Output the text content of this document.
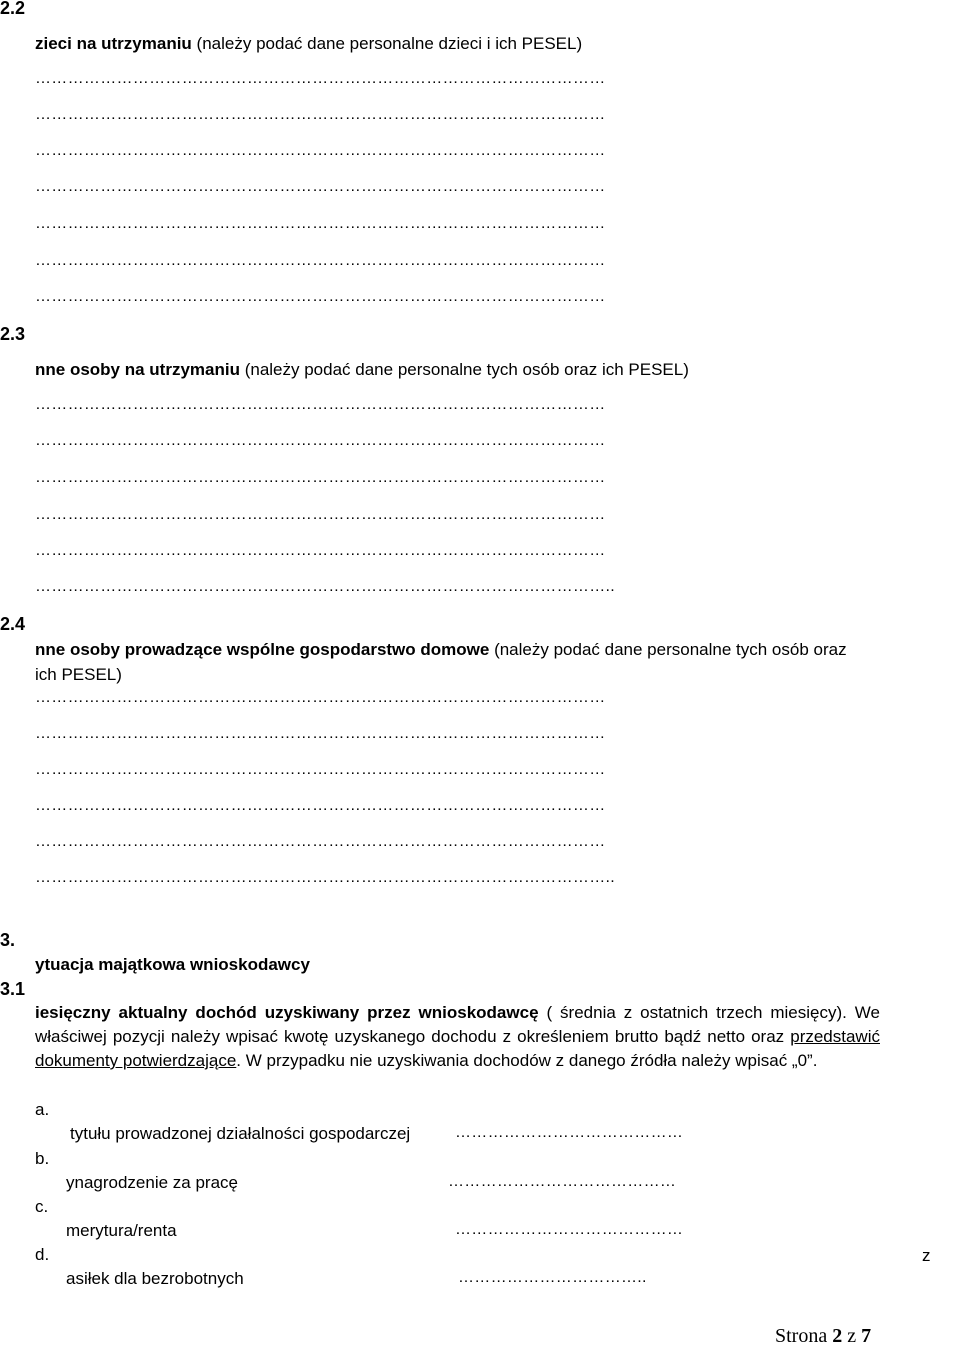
2.2
zieci na utrzymaniu (należy podać dane personalne dzieci i ich PESEL)
……………………………………………………………………………………………
……………………………………………………………………………………………
……………………………………………………………………………………………
……………………………………………………………………………………………
……………………………………………………………………………………………
……………………………………………………………………………………………
……………………………………………………………………………………………
2.3
nne osoby na utrzymaniu (należy podać dane personalne tych osób oraz ich PESEL)
……………………………………………………………………………………………
……………………………………………………………………………………………
……………………………………………………………………………………………
……………………………………………………………………………………………
……………………………………………………………………………………………
……………………………………………………………………………………………..
2.4
nne osoby prowadzące wspólne gospodarstwo domowe (należy podać dane personalne tych osób oraz
ich PESEL)
……………………………………………………………………………………………
……………………………………………………………………………………………
……………………………………………………………………………………………
……………………………………………………………………………………………
……………………………………………………………………………………………
……………………………………………………………………………………………..
3.
ytuacja majątkowa wnioskodawcy
3.1
iesięczny aktualny dochód uzyskiwany przez wnioskodawcę ( średnia z ostatnich trzech miesięcy). We właściwej pozycji należy wpisać kwotę uzyskanego dochodu z określeniem brutto bądź netto oraz przedstawić dokumenty potwierdzające. W przypadku nie uzyskiwania dochodów z danego źródła należy wpisać „0”.
a.
tytułu prowadzonej działalności gospodarczej	……………………………………
b.
ynagrodzenie za pracę	……………………………………
c.
merytura/renta	……………………………………
d.
asiłek dla bezrobotnych	……………………………..
z
Strona 2 z 7
